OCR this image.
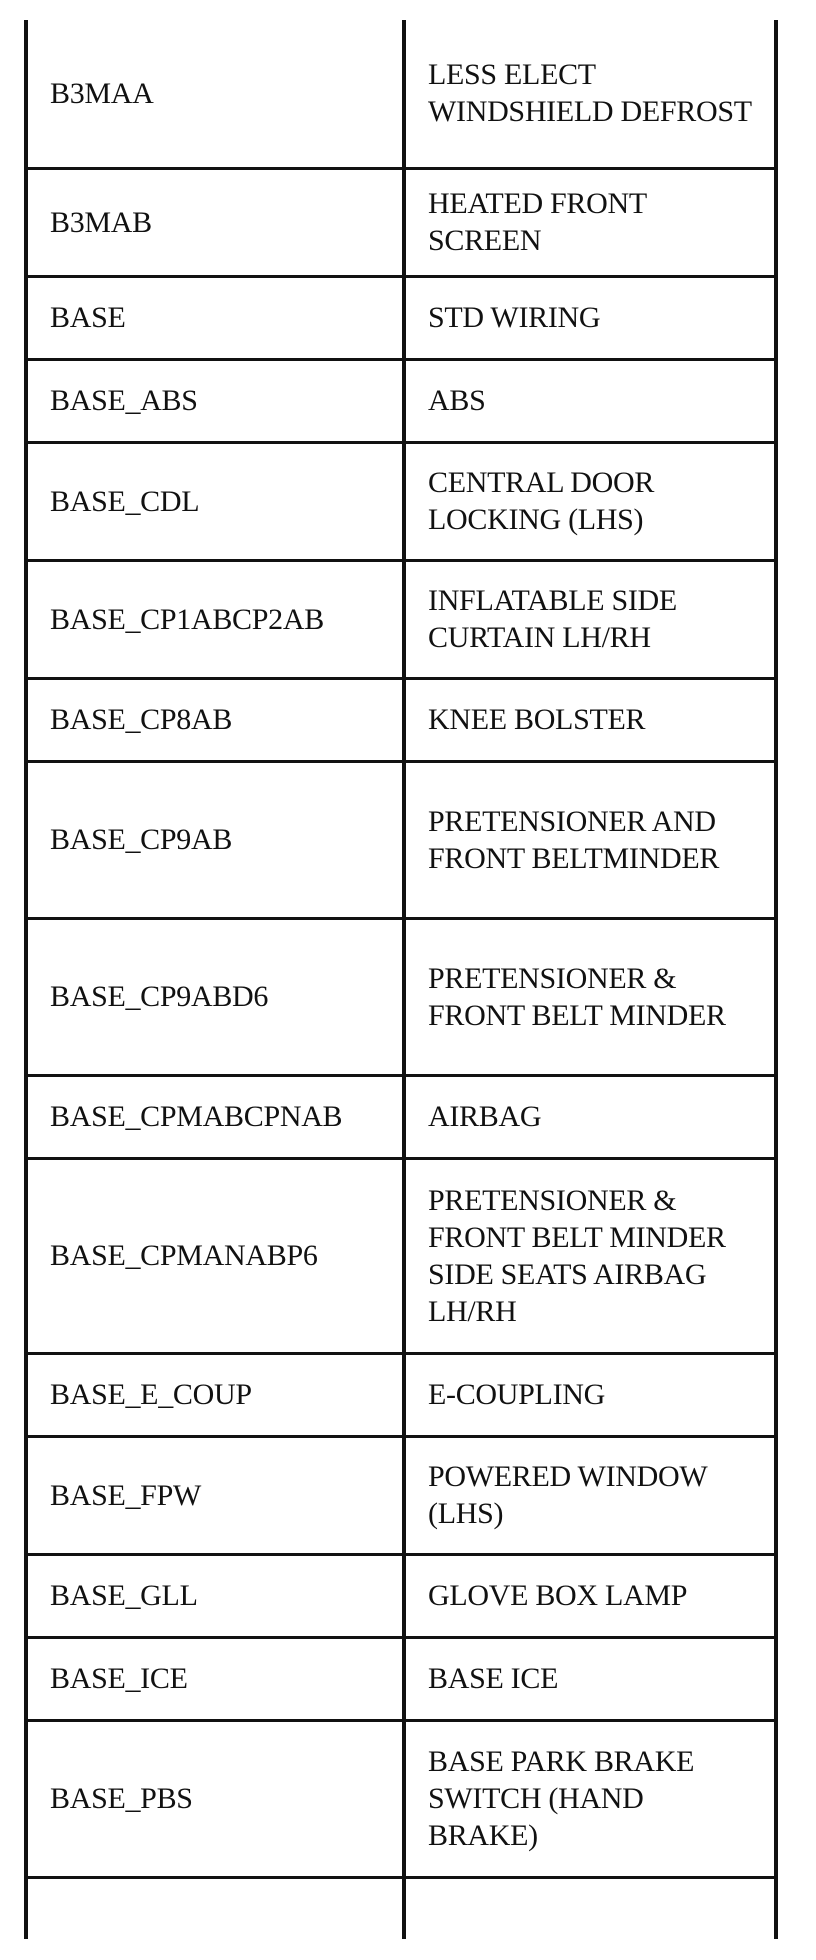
B3MAA	LESS ELECT WINDSHIELD DEFROST
B3MAB	HEATED FRONT SCREEN
BASE	STD WIRING
BASE_ABS	ABS
BASE_CDL	CENTRAL DOOR LOCKING (LHS)
BASE_CP1ABCP2AB	INFLATABLE SIDE CURTAIN LH/RH
BASE_CP8AB	KNEE BOLSTER
BASE_CP9AB	PRETENSIONER AND FRONT BELTMINDER
BASE_CP9ABD6	PRETENSIONER & FRONT BELT MINDER
BASE_CPMABCPNAB	AIRBAG
BASE_CPMANABP6	PRETENSIONER & FRONT BELT MINDER SIDE SEATS AIRBAG LH/RH
BASE_E_COUP	E-COUPLING
BASE_FPW	POWERED WINDOW (LHS)
BASE_GLL	GLOVE BOX LAMP
BASE_ICE	BASE ICE
BASE_PBS	BASE PARK BRAKE SWITCH (HAND BRAKE)
